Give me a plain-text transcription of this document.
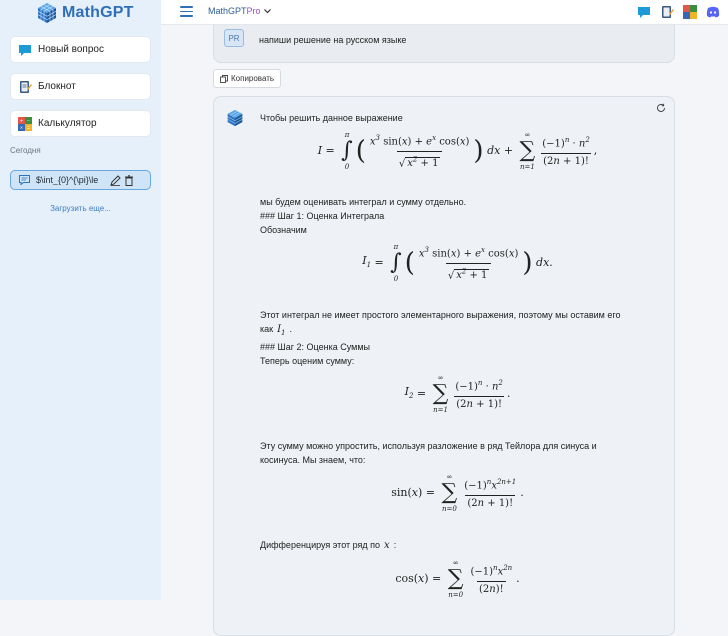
MathGPT
Новый вопрос
Блокнот
+ −
× = Калькулятор
Сегодня
$\int_{0}^{\pi}\le
Загрузить еще...
MathGPT Pro
PR	напиши решение на русском языке
Копировать

Чтобы решить данное выражение

I =
π
∫
0
( $\frac{x^3 \sin(x) + e^x \cos(x)}{√ x^2 + 1}$ ) dx +
∞
∑
$n=1 \frac{(-1)^n \cdot n^2}{(2n + 1)!}$ ,

мы будем оценивать интеграл и сумму отдельно.

### Шаг 1: Оценка Интеграла

Обозначим

$I_1$ =
π
∫
0
( $\frac{x^3 \sin(x) + e^x \cos(x)}{√ x^2 + 1}$ ) dx .

Этот интеграл не имеет простого элементарного выражения, поэтому мы оставим его

как $I_1$ .

### Шаг 2: Оценка Суммы

Теперь оценим сумму:

$I_2$ =
∞
∑
$n=1 \frac{(-1)^n \cdot n^2}{(2n + 1)!}$ .

Эту сумму можно упростить, используя разложение в ряд Тейлора для синуса и

косинуса. Мы знаем, что:

sin( x ) =
∞
∑
$n=0 \frac{(-1)^nx^{2n+1}}{(2n + 1)!}$ .

Дифференцируя этот ряд по x :

cos( x ) =
∞
∑
$n=0 \frac{(-1)^nx^{2n}}{(2n)!}$ .
